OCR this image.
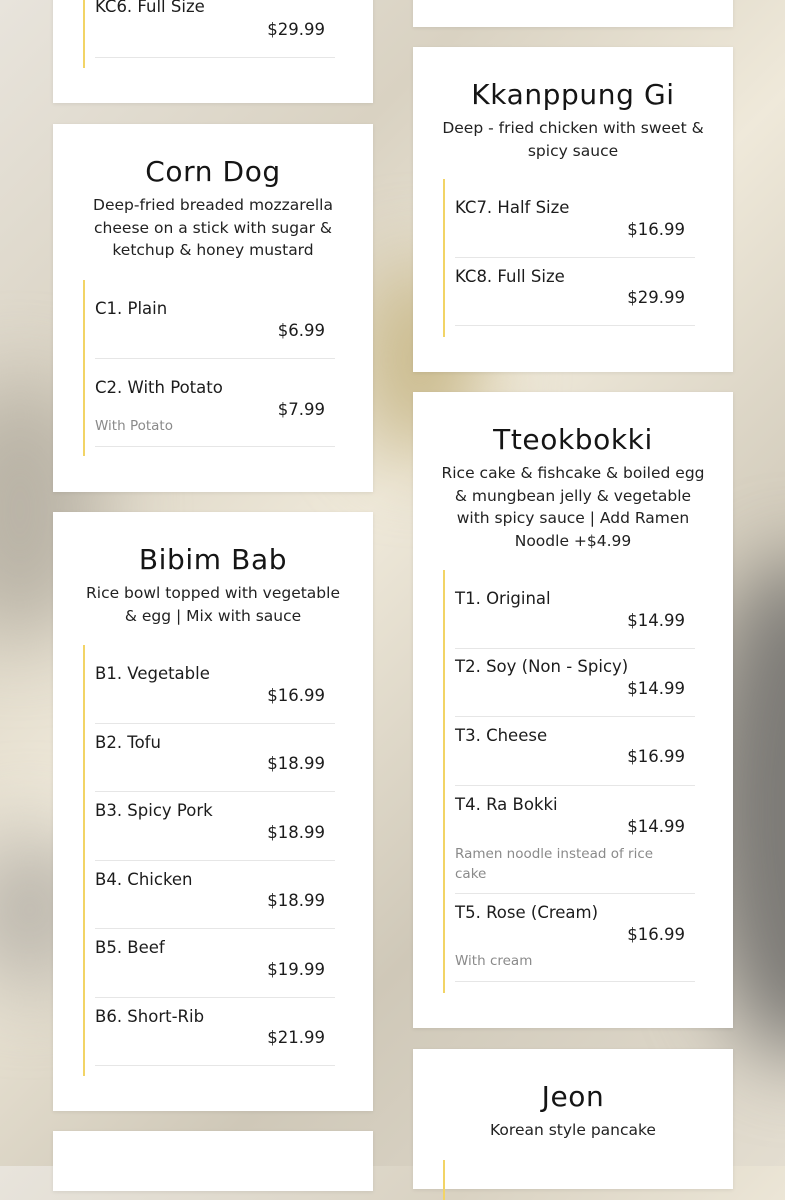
KC6. Full Size
$29.99
Corn Dog

Deep-fried breaded mozzarella cheese on a stick with sugar & ketchup & honey mustard

C1. Plain
$6.99
C2. With Potato
$7.99
With Potato
Bibim Bab

Rice bowl topped with vegetable & egg | Mix with sauce

B1. Vegetable
$16.99
B2. Tofu
$18.99
B3. Spicy Pork
$18.99
B4. Chicken
$18.99
B5. Beef
$19.99
B6. Short-Rib
$21.99
Kkanppung Gi

Deep - fried chicken with sweet & spicy sauce

KC7. Half Size
$16.99
KC8. Full Size
$29.99
Tteokbokki

Rice cake & fishcake & boiled egg & mungbean jelly & vegetable with spicy sauce | Add Ramen Noodle +$4.99

T1. Original
$14.99
T2. Soy (Non - Spicy)
$14.99
T3. Cheese
$16.99
T4. Ra Bokki
$14.99
Ramen noodle instead of rice cake
T5. Rose (Cream)
$16.99
With cream
Jeon

Korean style pancake
